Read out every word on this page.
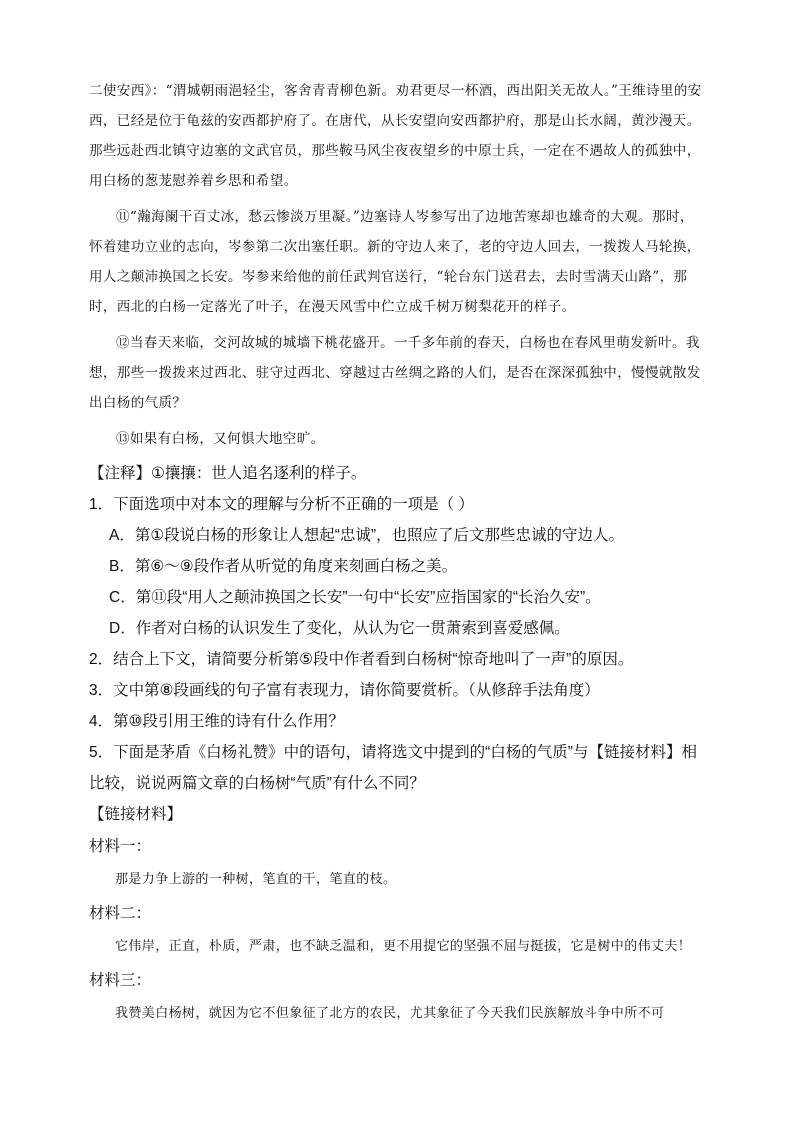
二使安西》：“渭城朝雨浥轻尘，客舍青青柳色新。劝君更尽一杯酒，西出阳关无故人。”王维诗里的安西，已经是位于龟兹的安西都护府了。在唐代，从长安望向安西都护府，那是山长水阔，黄沙漫天。那些远赴西北镇守边塞的文武官员，那些鞍马风尘夜夜望乡的中原士兵，一定在不遇故人的孤独中，用白杨的葱茏慰养着乡思和希望。

⑪“瀚海阑干百丈冰，愁云惨淡万里凝。”边塞诗人岑参写出了边地苦寒却也雄奇的大观。那时，怀着建功立业的志向，岑参第二次出塞任职。新的守边人来了，老的守边人回去，一拨拨人马轮换，用人之颠沛换国之长安。岑参来给他的前任武判官送行，“轮台东门送君去，去时雪满天山路”，那时，西北的白杨一定落光了叶子，在漫天风雪中伫立成千树万树梨花开的样子。

⑫当春天来临，交河故城的城墙下桃花盛开。一千多年前的春天，白杨也在春风里萌发新叶。我想，那些一拨拨来过西北、驻守过西北、穿越过古丝绸之路的人们，是否在深深孤独中，慢慢就散发出白杨的气质？

⑬如果有白杨，又何惧大地空旷。

【注释】①攘攘：世人追名逐利的样子。

1．下面选项中对本文的理解与分析不正确的一项是（ ）

A．第①段说白杨的形象让人想起“忠诚”，也照应了后文那些忠诚的守边人。

B．第⑥～⑨段作者从听觉的角度来刻画白杨之美。

C．第⑪段“用人之颠沛换国之长安”一句中“长安”应指国家的“长治久安”。

D．作者对白杨的认识发生了变化，从认为它一贯萧索到喜爱感佩。

2．结合上下文，请简要分析第⑤段中作者看到白杨树“惊奇地叫了一声”的原因。

3．文中第⑧段画线的句子富有表现力，请你简要赏析。（从修辞手法角度）

4．第⑩段引用王维的诗有什么作用？

5．下面是茅盾《白杨礼赞》中的语句，请将选文中提到的“白杨的气质”与【链接材料】相比较，说说两篇文章的白杨树“气质”有什么不同？

【链接材料】

材料一：

那是力争上游的一种树，笔直的干，笔直的枝。

材料二：

它伟岸，正直，朴质，严肃，也不缺乏温和，更不用提它的坚强不屈与挺拔，它是树中的伟丈夫！

材料三：

我赞美白杨树，就因为它不但象征了北方的农民，尤其象征了今天我们民族解放斗争中所不可
